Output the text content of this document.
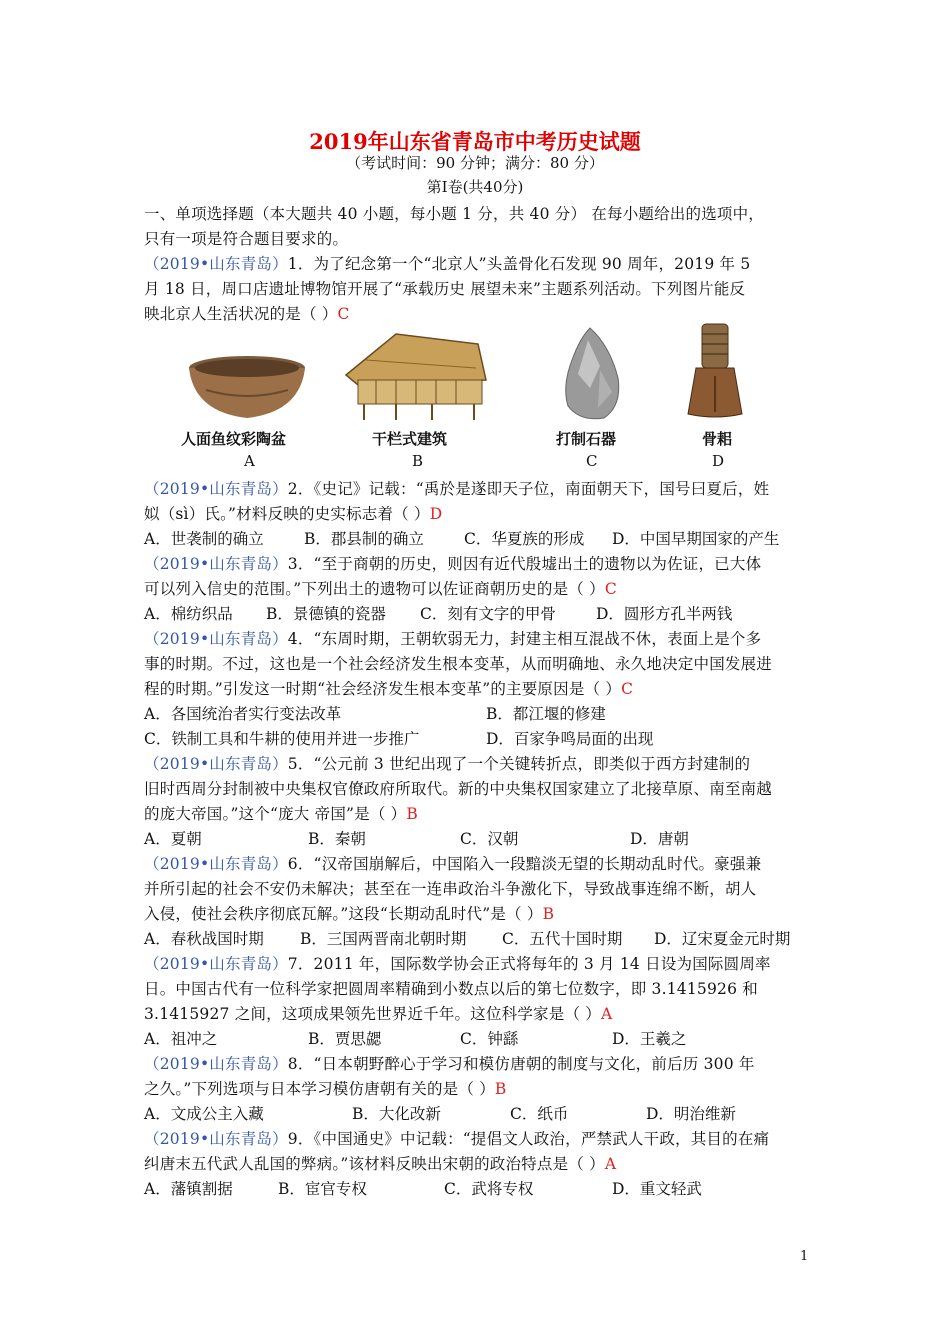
2019年山东省青岛市中考历史试题
（考试时间：90 分钟；满分：80 分）
第Ⅰ卷(共40分)
一、单项选择题（本大题共 40 小题，每小题 1 分，共 40 分） 在每小题给出的选项中，
只有一项是符合题目要求的。
（2019•山东青岛）1．为了纪念第一个“北京人”头盖骨化石发现 90 周年，2019 年 5
月 18 日，周口店遗址博物馆开展了“承载历史 展望未来”主题系列活动。下列图片能反
映北京人生活状况的是（ ）C
人面鱼纹彩陶盆	干栏式建筑	打制石器	骨耜
A	B	C	D
（2019•山东青岛）2．《史记》记载：“禹於是遂即天子位，南面朝天下，国号曰夏后，姓
姒（sì）氏。”材料反映的史实标志着（ ）D
A．世袭制的确立	B．郡县制的确立	C．华夏族的形成 D．中国早期国家的产生
（2019•山东青岛）3．“至于商朝的历史，则因有近代殷墟出土的遗物以为佐证，已大体
可以列入信史的范围。”下列出土的遗物可以佐证商朝历史的是（ ）C
A．棉纺织品 B．景德镇的瓷器 C．刻有文字的甲骨	D．圆形方孔半两钱
（2019•山东青岛）4．“东周时期，王朝软弱无力，封建主相互混战不休，表面上是个多
事的时期。不过，这也是一个社会经济发生根本变革，从而明确地、永久地决定中国发展进
程的时期。”引发这一时期“社会经济发生根本变革”的主要原因是（ ）C
A．各国统治者实行变法改革	B．都江堰的修建
C．铁制工具和牛耕的使用并进一步推广	D．百家争鸣局面的出现
（2019•山东青岛）5．“公元前 3 世纪出现了一个关键转折点，即类似于西方封建制的
旧时西周分封制被中央集权官僚政府所取代。新的中央集权国家建立了北接草原、南至南越
的庞大帝国。”这个“庞大 帝国”是（ ）B
A．夏朝	B．秦朝	C．汉朝	D．唐朝
（2019•山东青岛）6．“汉帝国崩解后，中国陷入一段黯淡无望的长期动乱时代。豪强兼
并所引起的社会不安仍未解决；甚至在一连串政治斗争激化下，导致战事连绵不断，胡人
入侵，使社会秩序彻底瓦解。”这段“长期动乱时代”是（ ）B
A．春秋战国时期 B．三国两晋南北朝时期 C．五代十国时期 D．辽宋夏金元时期
（2019•山东青岛）7．2011 年，国际数学协会正式将每年的 3 月 14 日设为国际圆周率
日。中国古代有一位科学家把圆周率精确到小数点以后的第七位数字，即 3.1415926 和
3.1415927 之间，这项成果领先世界近千年。这位科学家是（ ）A
A．祖冲之	B．贾思勰	C．钟繇	D．王羲之
（2019•山东青岛）8．“日本朝野醉心于学习和模仿唐朝的制度与文化，前后历 300 年
之久。”下列选项与日本学习模仿唐朝有关的是（ ）B
A．文成公主入藏	B．大化改新	C．纸币	D．明治维新
（2019•山东青岛）9．《中国通史》中记载：“提倡文人政治，严禁武人干政，其目的在痛
纠唐末五代武人乱国的弊病。”该材料反映出宋朝的政治特点是（ ）A
A．藩镇割据	B．宦官专权	C．武将专权	D．重文轻武
1
